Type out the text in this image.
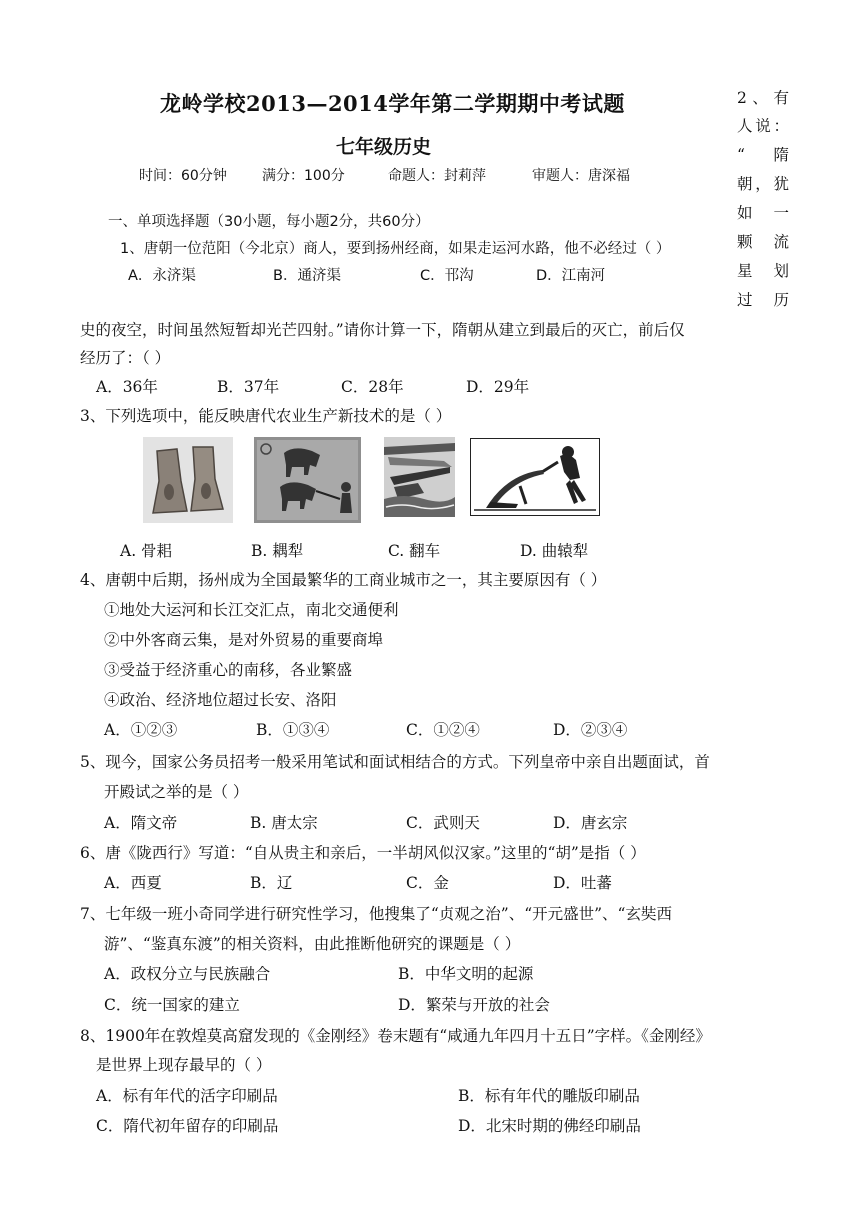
龙岭学校2013—2014学年第二学期期中考试题
七年级历史
时间：60分钟	满分：100分	命题人：封莉萍	审题人：唐深福
一、单项选择题（30小题，每小题2分，共60分）
1、唐朝一位范阳（今北京）商人，要到扬州经商，如果走运河水路，他不必经过（ ）
A．永济渠	B．通济渠	C．邗沟	D．江南河
2、有
人说：
“　隋
朝，犹
如　一
颗　流
星　划
过　历
史的夜空，时间虽然短暂却光芒四射。”请你计算一下，隋朝从建立到最后的灭亡，前后仅
经历了：（ ）
A．36年	B．37年	C．28年	D．29年
3、下列选项中，能反映唐代农业生产新技术的是（ ）
A. 骨耜	B. 耦犁	C. 翻车	D. 曲辕犁
4、唐朝中后期，扬州成为全国最繁华的工商业城市之一，其主要原因有（ ）
①地处大运河和长江交汇点，南北交通便利
②中外客商云集，是对外贸易的重要商埠
③受益于经济重心的南移，各业繁盛
④政治、经济地位超过长安、洛阳
A．①②③	B．①③④	C．①②④	D．②③④
5、现今，国家公务员招考一般采用笔试和面试相结合的方式。下列皇帝中亲自出题面试，首
开殿试之举的是（ ）
A．隋文帝	B. 唐太宗	C．武则天	D．唐玄宗
6、唐《陇西行》写道：“自从贵主和亲后，一半胡风似汉家。”这里的“胡”是指（ ）
A．西夏	B．辽	C．金	D．吐蕃
7、七年级一班小奇同学进行研究性学习，他搜集了“贞观之治”、“开元盛世”、“玄奘西
游”、“鉴真东渡”的相关资料，由此推断他研究的课题是（ ）
A．政权分立与民族融合	B．中华文明的起源
C．统一国家的建立	D．繁荣与开放的社会
8、1900年在敦煌莫高窟发现的《金刚经》卷末题有“咸通九年四月十五日”字样。《金刚经》
是世界上现存最早的（ ）
A．标有年代的活字印刷品	B．标有年代的雕版印刷品
C．隋代初年留存的印刷品	D．北宋时期的佛经印刷品
